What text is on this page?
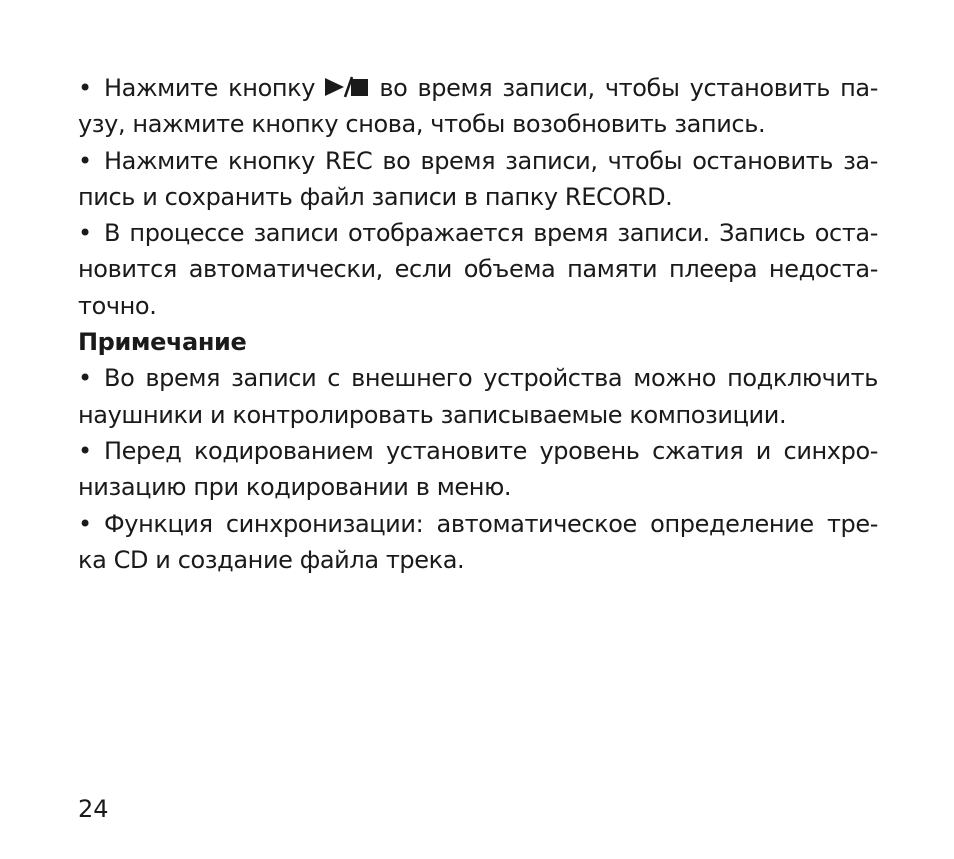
• Нажмите кнопку	во время записи, чтобы установить па-
узу, нажмите кнопку снова, чтобы возобновить запись.
• Нажмите кнопку REC во время записи, чтобы остановить за-
пись и сохранить файл записи в папку RECORD.
• В процессе записи отображается время записи. Запись оста-
новится автоматически, если объема памяти плеера недоста-
точно.
Примечание
• Во время записи с внешнего устройства можно подключить
наушники и контролировать записываемые композиции.
• Перед кодированием установите уровень сжатия и синхро-
низацию при кодировании в меню.
• Функция синхронизации: автоматическое определение тре-
ка CD и создание файла трека.
24
